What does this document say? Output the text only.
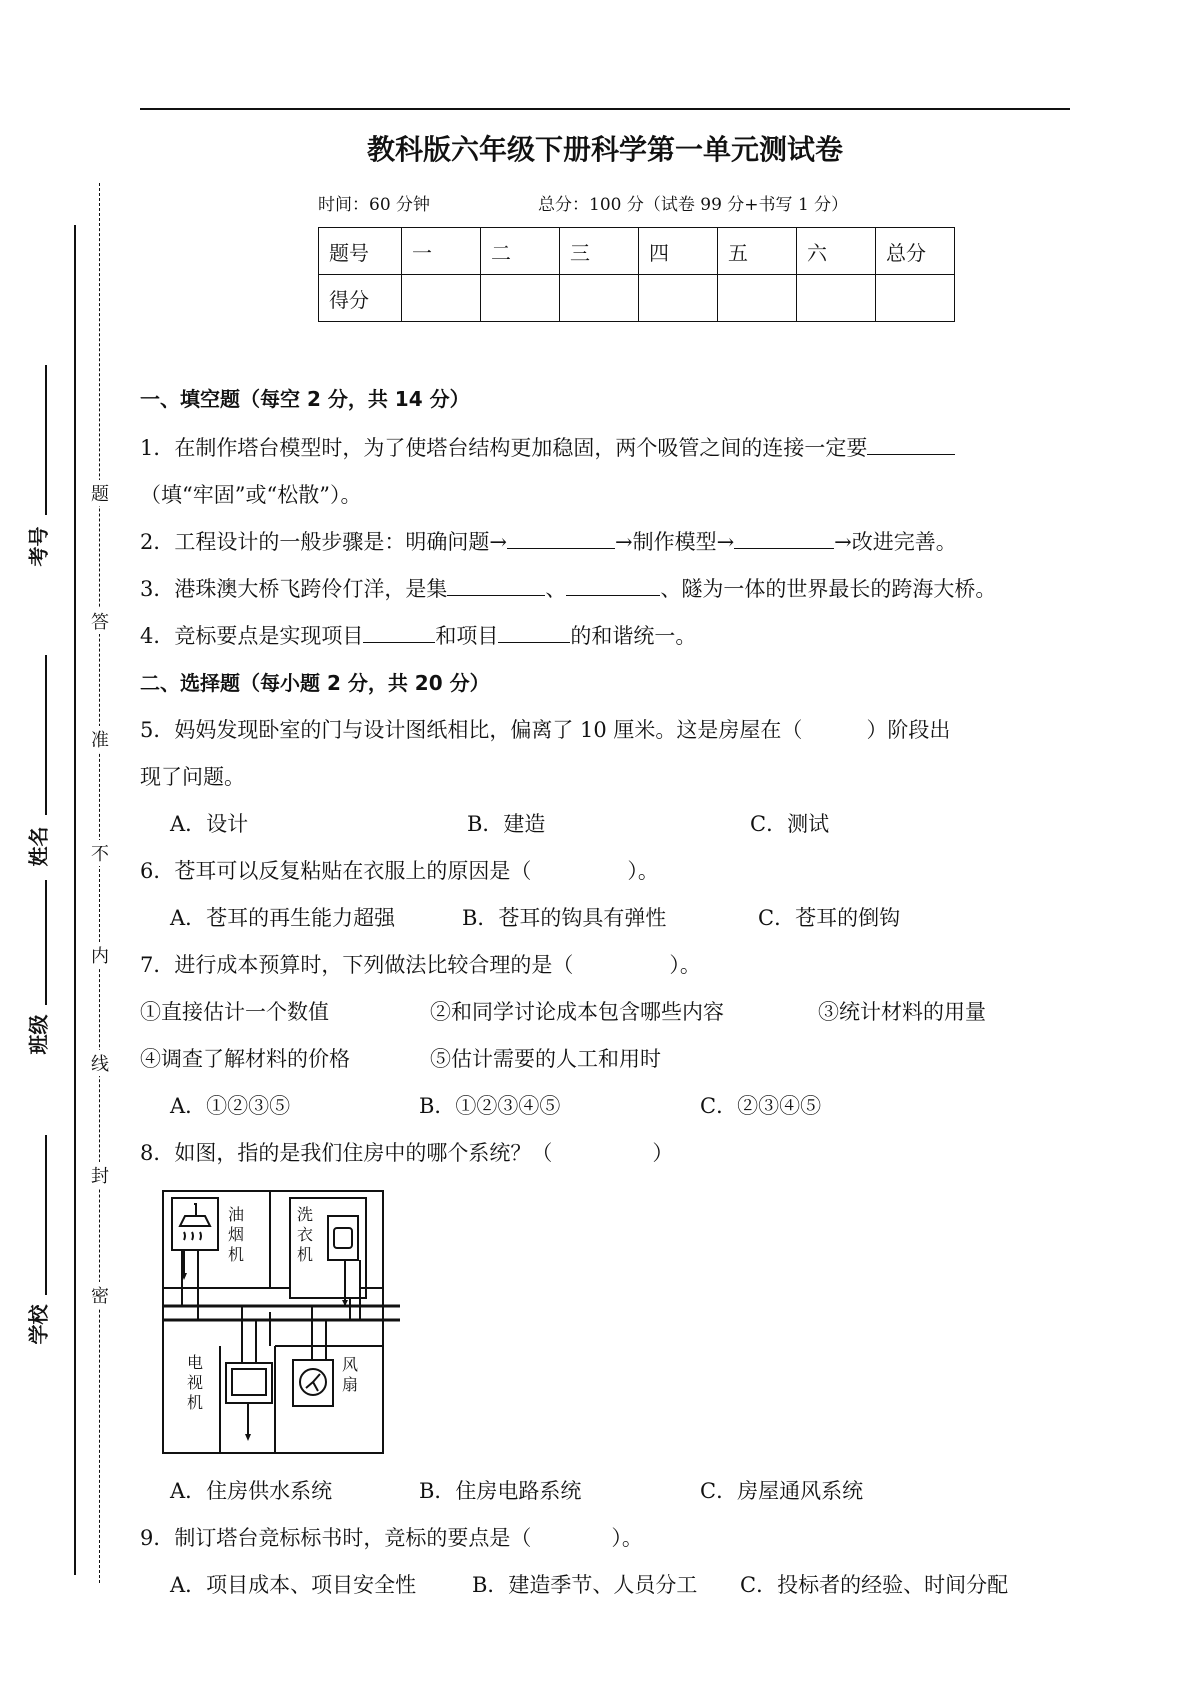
教科版六年级下册科学第一单元测试卷
时间：60 分钟	总分：100 分（试卷 99 分+书写 1 分）
题号	一	二	三	四	五	六	总分
得分							
考号
姓名
班级
学校
题
答
准
不
内
线
封
密
一、填空题（每空 2 分，共 14 分）
1．在制作塔台模型时，为了使塔台结构更加稳固，两个吸管之间的连接一定要
（填“牢固”或“松散”）。
2．工程设计的一般步骤是：明确问题→	→制作模型→	→改进完善。
3．港珠澳大桥飞跨伶仃洋，是集	、	、隧为一体的世界最长的跨海大桥。
4．竞标要点是实现项目	和项目	的和谐统一。
二、选择题（每小题 2 分，共 20 分）
5．妈妈发现卧室的门与设计图纸相比，偏离了 10 厘米。这是房屋在（	）阶段出
现了问题。
A．设计	B．建造	C．测试
6．苍耳可以反复粘贴在衣服上的原因是（	）。
A．苍耳的再生能力超强	B．苍耳的钩具有弹性	C．苍耳的倒钩
7．进行成本预算时，下列做法比较合理的是（	）。
①直接估计一个数值	②和同学讨论成本包含哪些内容	③统计材料的用量
④调查了解材料的价格	⑤估计需要的人工和用时
A．①②③⑤	B．①②③④⑤	C．②③④⑤
8．如图，指的是我们住房中的哪个系统？（	）
油
烟
机
洗
衣
机
电
视
机
风
扇
A．住房供水系统	B．住房电路系统	C．房屋通风系统
9．制订塔台竞标标书时，竞标的要点是（	）。
A．项目成本、项目安全性	B．建造季节、人员分工 C．投标者的经验、时间分配
